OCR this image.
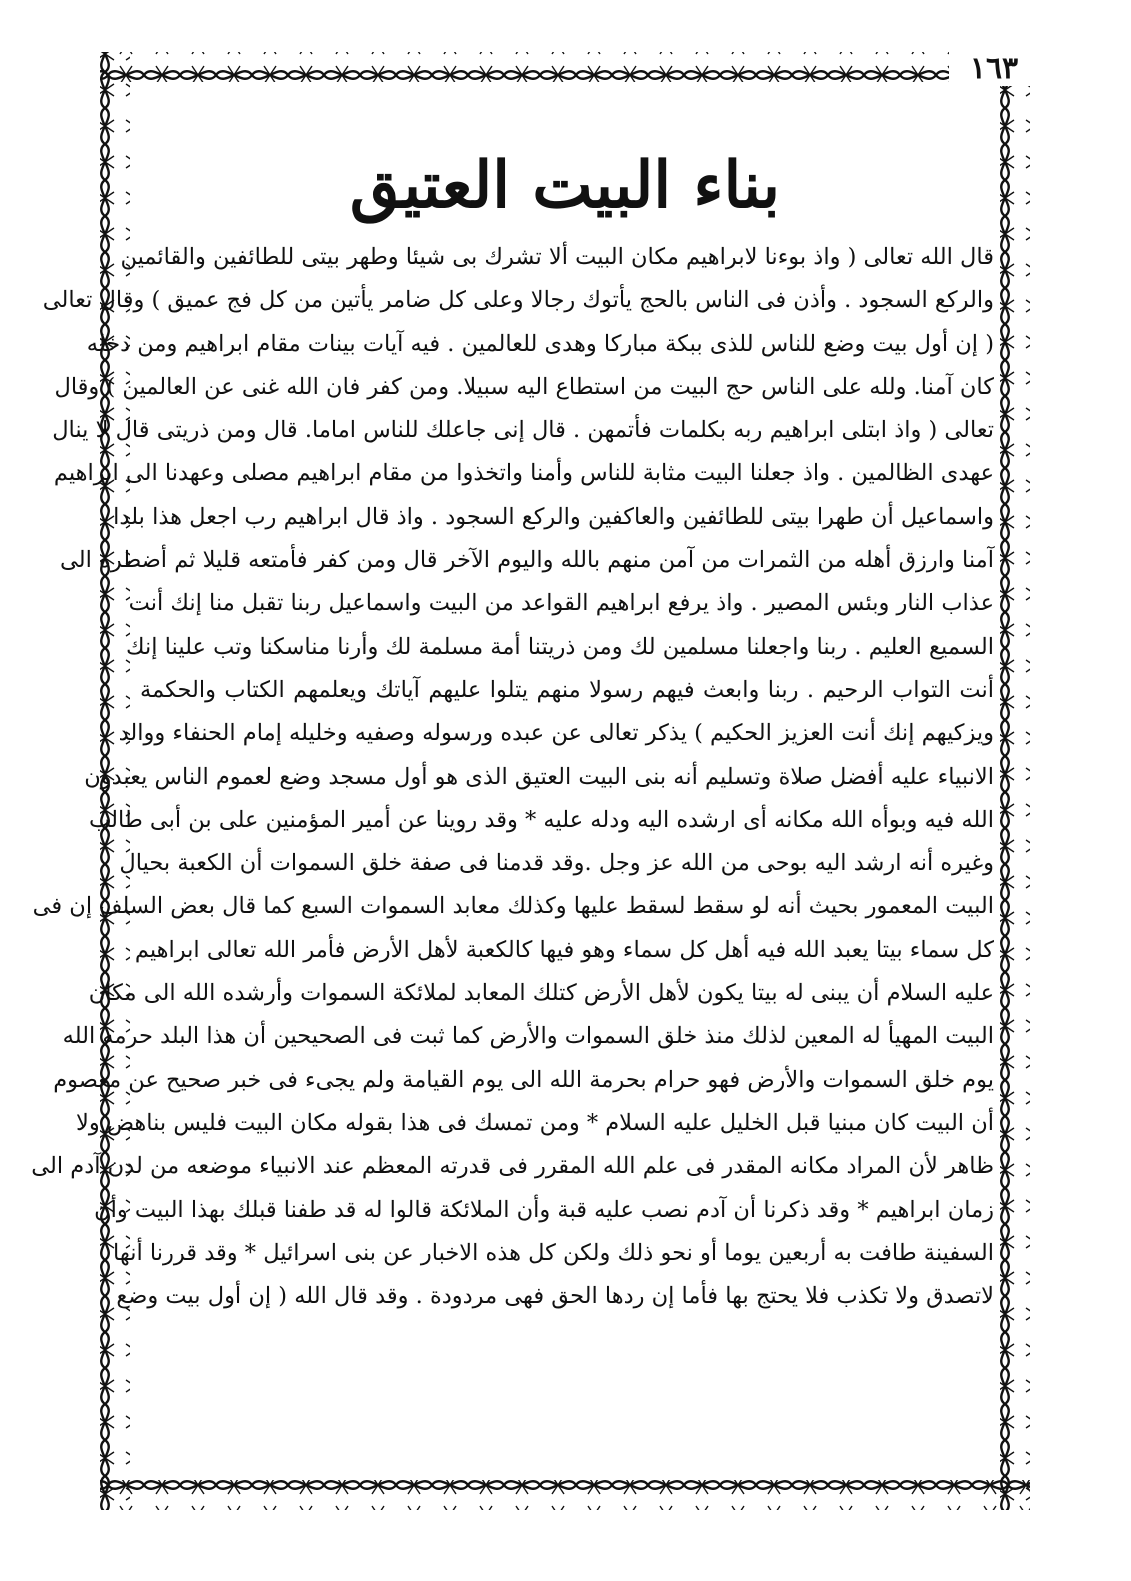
١٦٣
بناء البيت العتيق
قال الله تعالى ( واذ بوءنا لابراهيم مكان البيت ألا تشرك بى شيئا وطهر بيتى للطائفين والقائمين
والركع السجود . وأذن فى الناس بالحج يأتوك رجالا وعلى كل ضامر يأتين من كل فج عميق ) وقال تعالى
( إن أول بيت وضع للناس للذى ببكة مباركا وهدى للعالمين . فيه آيات بينات مقام ابراهيم ومن دخله
كان آمنا. ولله على الناس حج البيت من استطاع اليه سبيلا. ومن كفر فان الله غنى عن العالمين ) وقال
تعالى ( واذ ابتلى ابراهيم ربه بكلمات فأتمهن . قال إنى جاعلك للناس اماما. قال ومن ذريتى قال لا ينال
عهدى الظالمين . واذ جعلنا البيت مثابة للناس وأمنا واتخذوا من مقام ابراهيم مصلى وعهدنا الى ابراهيم
واسماعيل أن طهرا بيتى للطائفين والعاكفين والركع السجود . واذ قال ابراهيم رب اجعل هذا بلدا
آمنا وارزق أهله من الثمرات من آمن منهم بالله واليوم الآخر قال ومن كفر فأمتعه قليلا ثم أضطره الى
عذاب النار وبئس المصير . واذ يرفع ابراهيم القواعد من البيت واسماعيل ربنا تقبل منا إنك أنت
السميع العليم . ربنا واجعلنا مسلمين لك ومن ذريتنا أمة مسلمة لك وأرنا مناسكنا وتب علينا إنك
أنت التواب الرحيم . ربنا وابعث فيهم رسولا منهم يتلوا عليهم آياتك ويعلمهم الكتاب والحكمة
ويزكيهم إنك أنت العزيز الحكيم ) يذكر تعالى عن عبده ورسوله وصفيه وخليله إمام الحنفاء ووالد
الانبياء عليه أفضل صلاة وتسليم أنه بنى البيت العتيق الذى هو أول مسجد وضع لعموم الناس يعبدون
الله فيه وبوأه الله مكانه أى ارشده اليه ودله عليه * وقد روينا عن أمير المؤمنين على بن أبى طالب
وغيره أنه ارشد اليه بوحى من الله عز وجل .وقد قدمنا فى صفة خلق السموات أن الكعبة بحيال
البيت المعمور بحيث أنه لو سقط لسقط عليها وكذلك معابد السموات السبع كما قال بعض السلف إن فى
كل سماء بيتا يعبد الله فيه أهل كل سماء وهو فيها كالكعبة لأهل الأرض فأمر الله تعالى ابراهيم
عليه السلام أن يبنى له بيتا يكون لأهل الأرض كتلك المعابد لملائكة السموات وأرشده الله الى مكان
البيت المهيأ له المعين لذلك منذ خلق السموات والأرض كما ثبت فى الصحيحين أن هذا البلد حرمه الله
يوم خلق السموات والأرض فهو حرام بحرمة الله الى يوم القيامة ولم يجىء فى خبر صحيح عن معصوم
أن البيت كان مبنيا قبل الخليل عليه السلام * ومن تمسك فى هذا بقوله مكان البيت فليس بناهض ولا
ظاهر لأن المراد مكانه المقدر فى علم الله المقرر فى قدرته المعظم عند الانبياء موضعه من لدن آدم الى
زمان ابراهيم * وقد ذكرنا أن آدم نصب عليه قبة وأن الملائكة قالوا له قد طفنا قبلك بهذا البيت وأن
السفينة طافت به أربعين يوما أو نحو ذلك ولكن كل هذه الاخبار عن بنى اسرائيل * وقد قررنا أنها
لاتصدق ولا تكذب فلا يحتج بها فأما إن ردها الحق فهى مردودة . وقد قال الله ( إن أول بيت وضع
